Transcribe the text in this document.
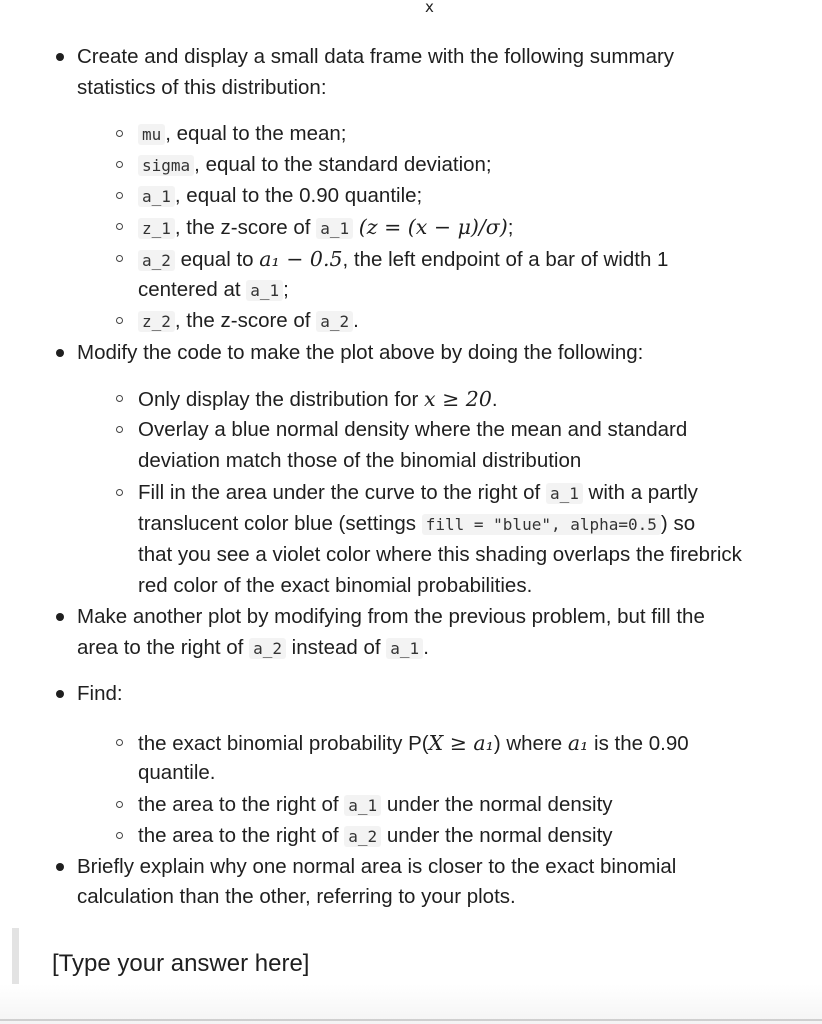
x
Create and display a small data frame with the following summary
statistics of this distribution:
mu , equal to the mean;
sigma , equal to the standard deviation;
a_1 , equal to the 0.90 quantile;
z_1 , the z-score of a_1 (z = (x − μ)/σ);
a_2 equal to a₁ − 0.5, the left endpoint of a bar of width 1
centered at a_1 ;
z_2 , the z-score of a_2 .
Modify the code to make the plot above by doing the following:
Only display the distribution for x ≥ 20.
Overlay a blue normal density where the mean and standard
deviation match those of the binomial distribution
Fill in the area under the curve to the right of a_1 with a partly
translucent color blue (settings fill = "blue", alpha=0.5 ) so
that you see a violet color where this shading overlaps the firebrick
red color of the exact binomial probabilities.
Make another plot by modifying from the previous problem, but fill the
area to the right of a_2 instead of a_1 .
Find:
the exact binomial probability P(X ≥ a₁) where a₁ is the 0.90
quantile.
the area to the right of a_1 under the normal density
the area to the right of a_2 under the normal density
Briefly explain why one normal area is closer to the exact binomial
calculation than the other, referring to your plots.
[Type your answer here]
